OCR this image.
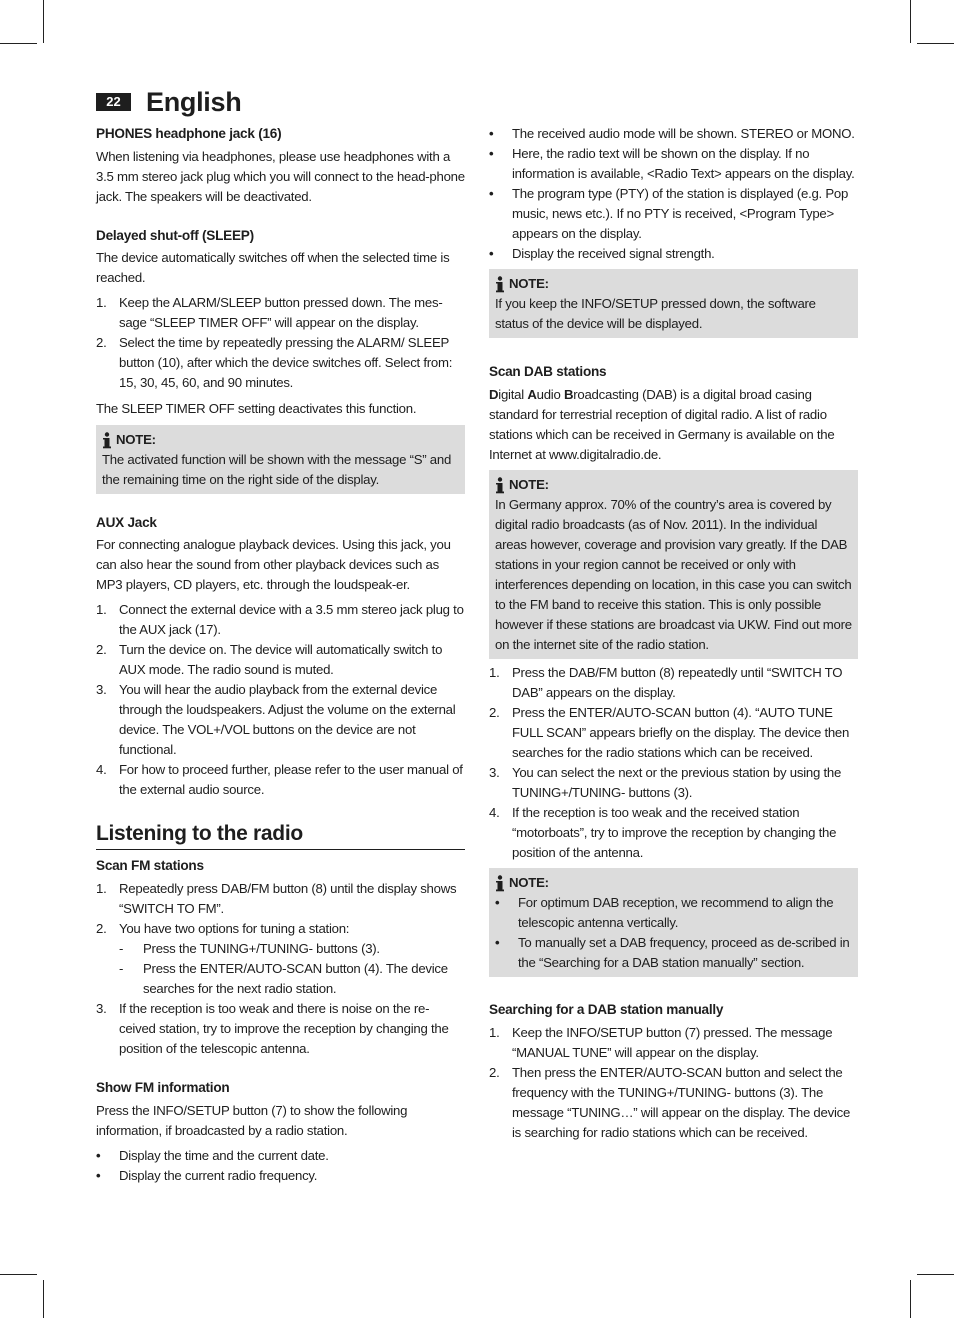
22 English
PHONES headphone jack (16)

When listening via headphones, please use headphones with a 3.5 mm stereo jack plug which you will connect to the head-phone jack. The speakers will be deactivated.

Delayed shut-off (SLEEP)

The device automatically switches off when the selected time is reached.

1. Keep the ALARM/SLEEP button pressed down. The mes-sage “SLEEP TIMER OFF” will appear on the display.
2. Select the time by repeatedly pressing the ALARM/ SLEEP button (10), after which the device switches off. Select from: 15, 30, 45, 60, and 90 minutes.

The SLEEP TIMER OFF setting deactivates this function.

NOTE:

The activated function will be shown with the message “S” and the remaining time on the right side of the display.

AUX Jack

For connecting analogue playback devices. Using this jack, you can also hear the sound from other playback devices such as MP3 players, CD players, etc. through the loudspeak-er.

1. Connect the external device with a 3.5 mm stereo jack plug to the AUX jack (17).
2. Turn the device on. The device will automatically switch to AUX mode. The radio sound is muted.
3. You will hear the audio playback from the external device through the loudspeakers. Adjust the volume on the external device. The VOL+/VOL buttons on the device are not functional.
4. For how to proceed further, please refer to the user manual of the external audio source.
Listening to the radio
Scan FM stations
1. Repeatedly press DAB/FM button (8) until the display shows “SWITCH TO FM”.
2. You have two options for tuning a station:
- Press the TUNING+/TUNING- buttons (3).
- Press the ENTER/AUTO-SCAN button (4). The device searches for the next radio station.
3. If the reception is too weak and there is noise on the re-ceived station, try to improve the reception by changing the position of the telescopic antenna.
Show FM information

Press the INFO/SETUP button (7) to show the following information, if broadcasted by a radio station.

• Display the time and the current date.
• Display the current radio frequency.
• The received audio mode will be shown. STEREO or MONO.
• Here, the radio text will be shown on the display. If no information is available, <Radio Text> appears on the display.
• The program type (PTY) of the station is displayed (e.g. Pop music, news etc.). If no PTY is received, <Program Type> appears on the display.
• Display the received signal strength.
NOTE:

If you keep the INFO/SETUP pressed down, the software status of the device will be displayed.

Scan DAB stations

Digital Audio Broadcasting (DAB) is a digital broad casing standard for terrestrial reception of digital radio. A list of radio stations which can be received in Germany is available on the Internet at www.digitalradio.de.

NOTE:

In Germany approx. 70% of the country’s area is covered by digital radio broadcasts (as of Nov. 2011). In the individual areas however, coverage and provision vary greatly. If the DAB stations in your region cannot be received or only with interferences depending on location, in this case you can switch to the FM band to receive this station. This is only possible however if these stations are broadcast via UKW. Find out more on the internet site of the radio station.

1. Press the DAB/FM button (8) repeatedly until “SWITCH TO DAB” appears on the display.
2. Press the ENTER/AUTO-SCAN button (4). “AUTO TUNE FULL SCAN” appears briefly on the display. The device then searches for the radio stations which can be received.
3. You can select the next or the previous station by using the TUNING+/TUNING- buttons (3).
4. If the reception is too weak and the received station “motorboats”, try to improve the reception by changing the position of the antenna.
NOTE:
• For optimum DAB reception, we recommend to align the telescopic antenna vertically.
• To manually set a DAB frequency, proceed as de-scribed in the “Searching for a DAB station manually” section.
Searching for a DAB station manually
1. Keep the INFO/SETUP button (7) pressed. The message “MANUAL TUNE” will appear on the display.
2. Then press the ENTER/AUTO-SCAN button and select the frequency with the TUNING+/TUNING- buttons (3). The message “TUNING…” will appear on the display. The device is searching for radio stations which can be received.
